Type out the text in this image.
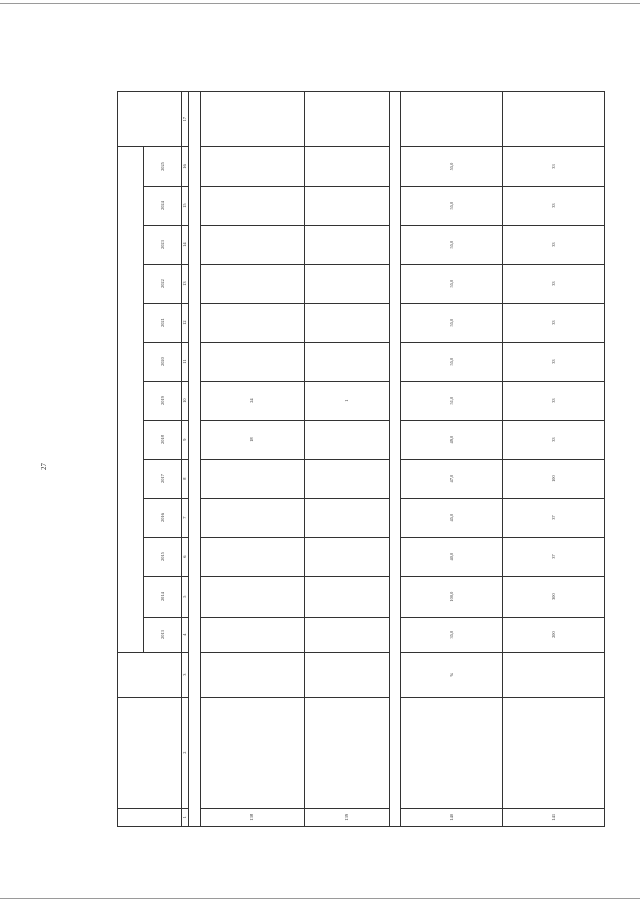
27

			2013	2014	2015	2016	2017	2018	2019	2020	2021	2022	2023	2024	2025	

1	2	3	4	5	6	7	8	9	10	11	12	13	14	15	16	17

138								18	24							
139									1							

140		%	35,0	100,0	40,0	45,0	47,0	49,0	51,0	55,0	55,0	55,0	55,0	55,0	55,0	
141			200	300	37	37	100	33	33	33	33	33	33	33	33	
